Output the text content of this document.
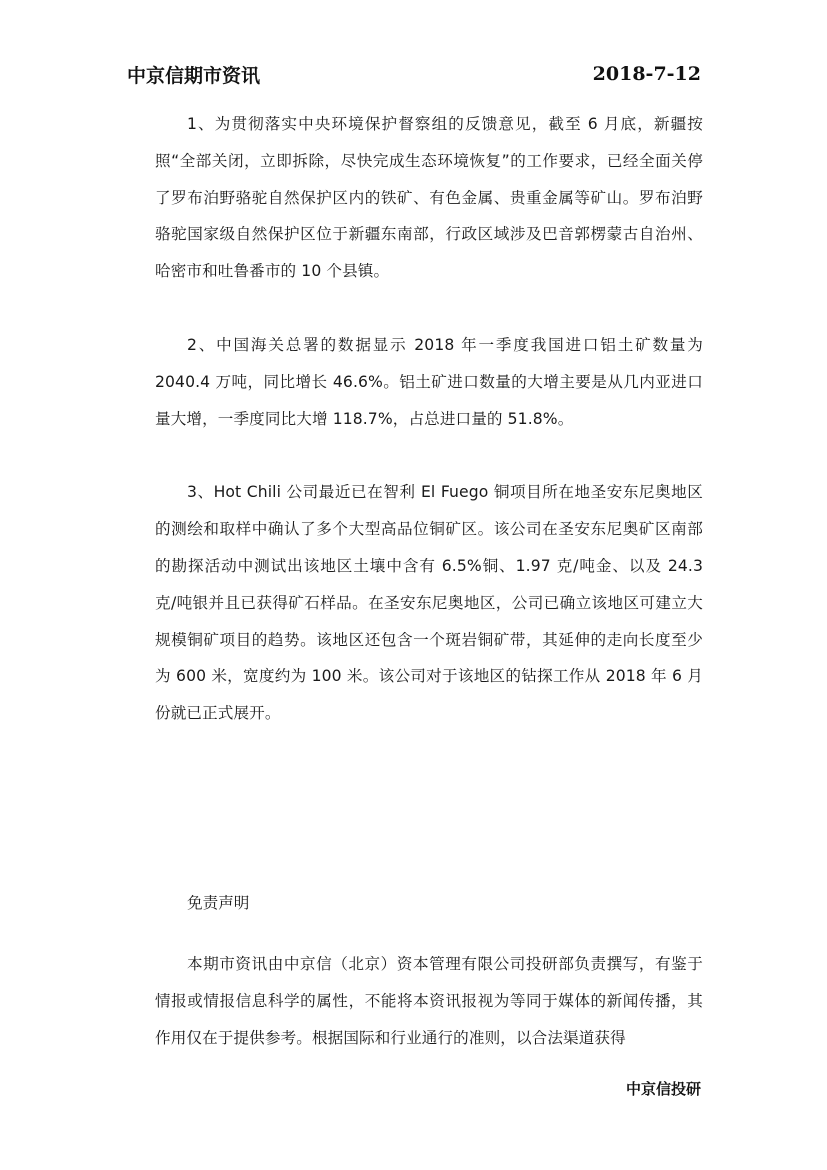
中京信期市资讯	2018-7-12

1、为贯彻落实中央环境保护督察组的反馈意见，截至 6 月底，新疆按照“全部关闭，立即拆除，尽快完成生态环境恢复”的工作要求，已经全面关停了罗布泊野骆驼自然保护区内的铁矿、有色金属、贵重金属等矿山。罗布泊野骆驼国家级自然保护区位于新疆东南部，行政区域涉及巴音郭楞蒙古自治州、哈密市和吐鲁番市的 10 个县镇。

2、中国海关总署的数据显示 2018 年一季度我国进口铝土矿数量为 2040.4 万吨，同比增长 46.6%。铝土矿进口数量的大增主要是从几内亚进口量大增，一季度同比大增 118.7%，占总进口量的 51.8%。

3、Hot Chili 公司最近已在智利 El Fuego 铜项目所在地圣安东尼奥地区的测绘和取样中确认了多个大型高品位铜矿区。该公司在圣安东尼奥矿区南部的勘探活动中测试出该地区土壤中含有 6.5%铜、1.97 克/吨金、以及 24.3 克/吨银并且已获得矿石样品。在圣安东尼奥地区，公司已确立该地区可建立大规模铜矿项目的趋势。该地区还包含一个斑岩铜矿带，其延伸的走向长度至少为 600 米，宽度约为 100 米。该公司对于该地区的钻探工作从 2018 年 6 月份就已正式展开。

免责声明

本期市资讯由中京信（北京）资本管理有限公司投研部负责撰写，有鉴于情报或情报信息科学的属性，不能将本资讯报视为等同于媒体的新闻传播，其作用仅在于提供参考。根据国际和行业通行的准则，以合法渠道获得

中京信投研
